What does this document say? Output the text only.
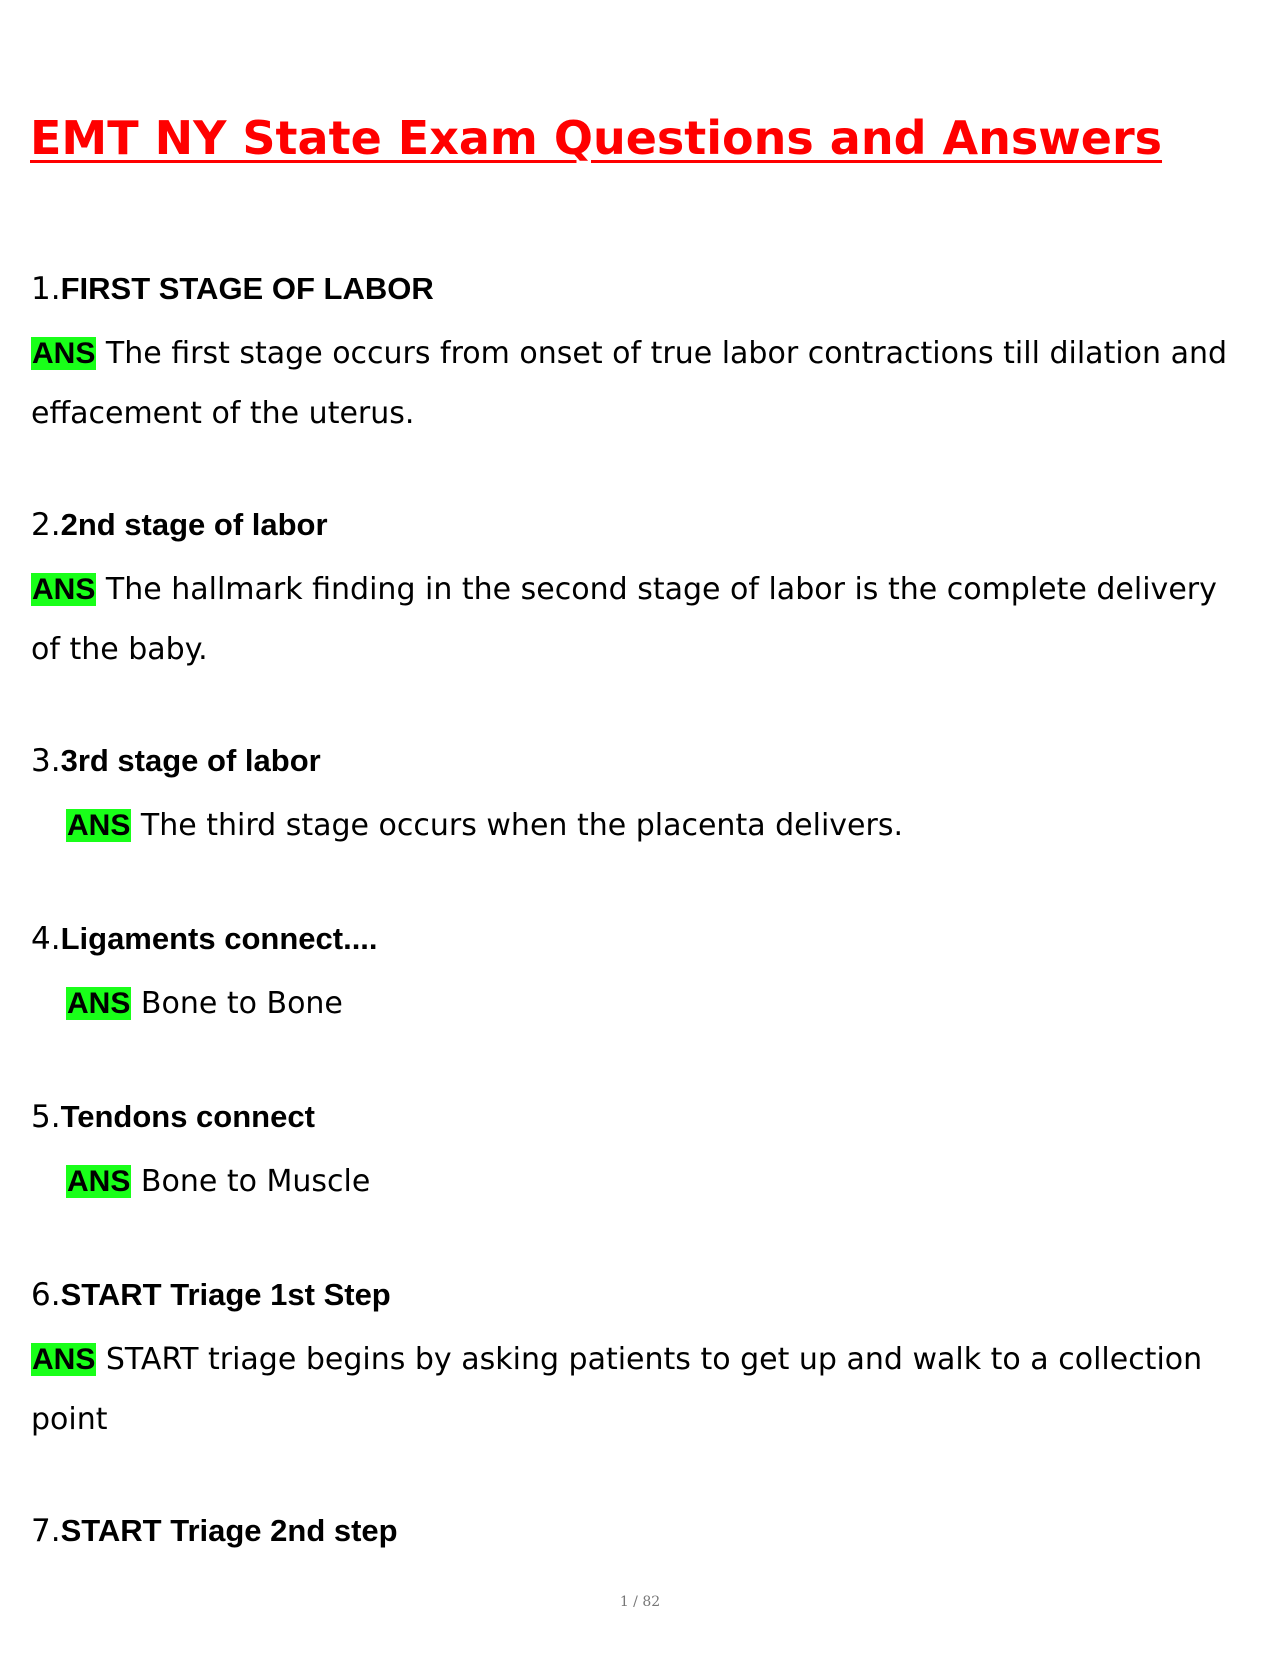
EMT NY State Exam Questions and Answers
1.FIRST STAGE OF LABOR
ANS The first stage occurs from onset of true labor contractions till dilation and effacement of the uterus.
2.2nd stage of labor
ANS The hallmark finding in the second stage of labor is the complete delivery of the baby.
3.3rd stage of labor
ANS The third stage occurs when the placenta delivers.
4.Ligaments connect....
ANS Bone to Bone
5.Tendons connect
ANS Bone to Muscle
6.START Triage 1st Step
ANS START triage begins by asking patients to get up and walk to a collection point
7.START Triage 2nd step
1 / 82
